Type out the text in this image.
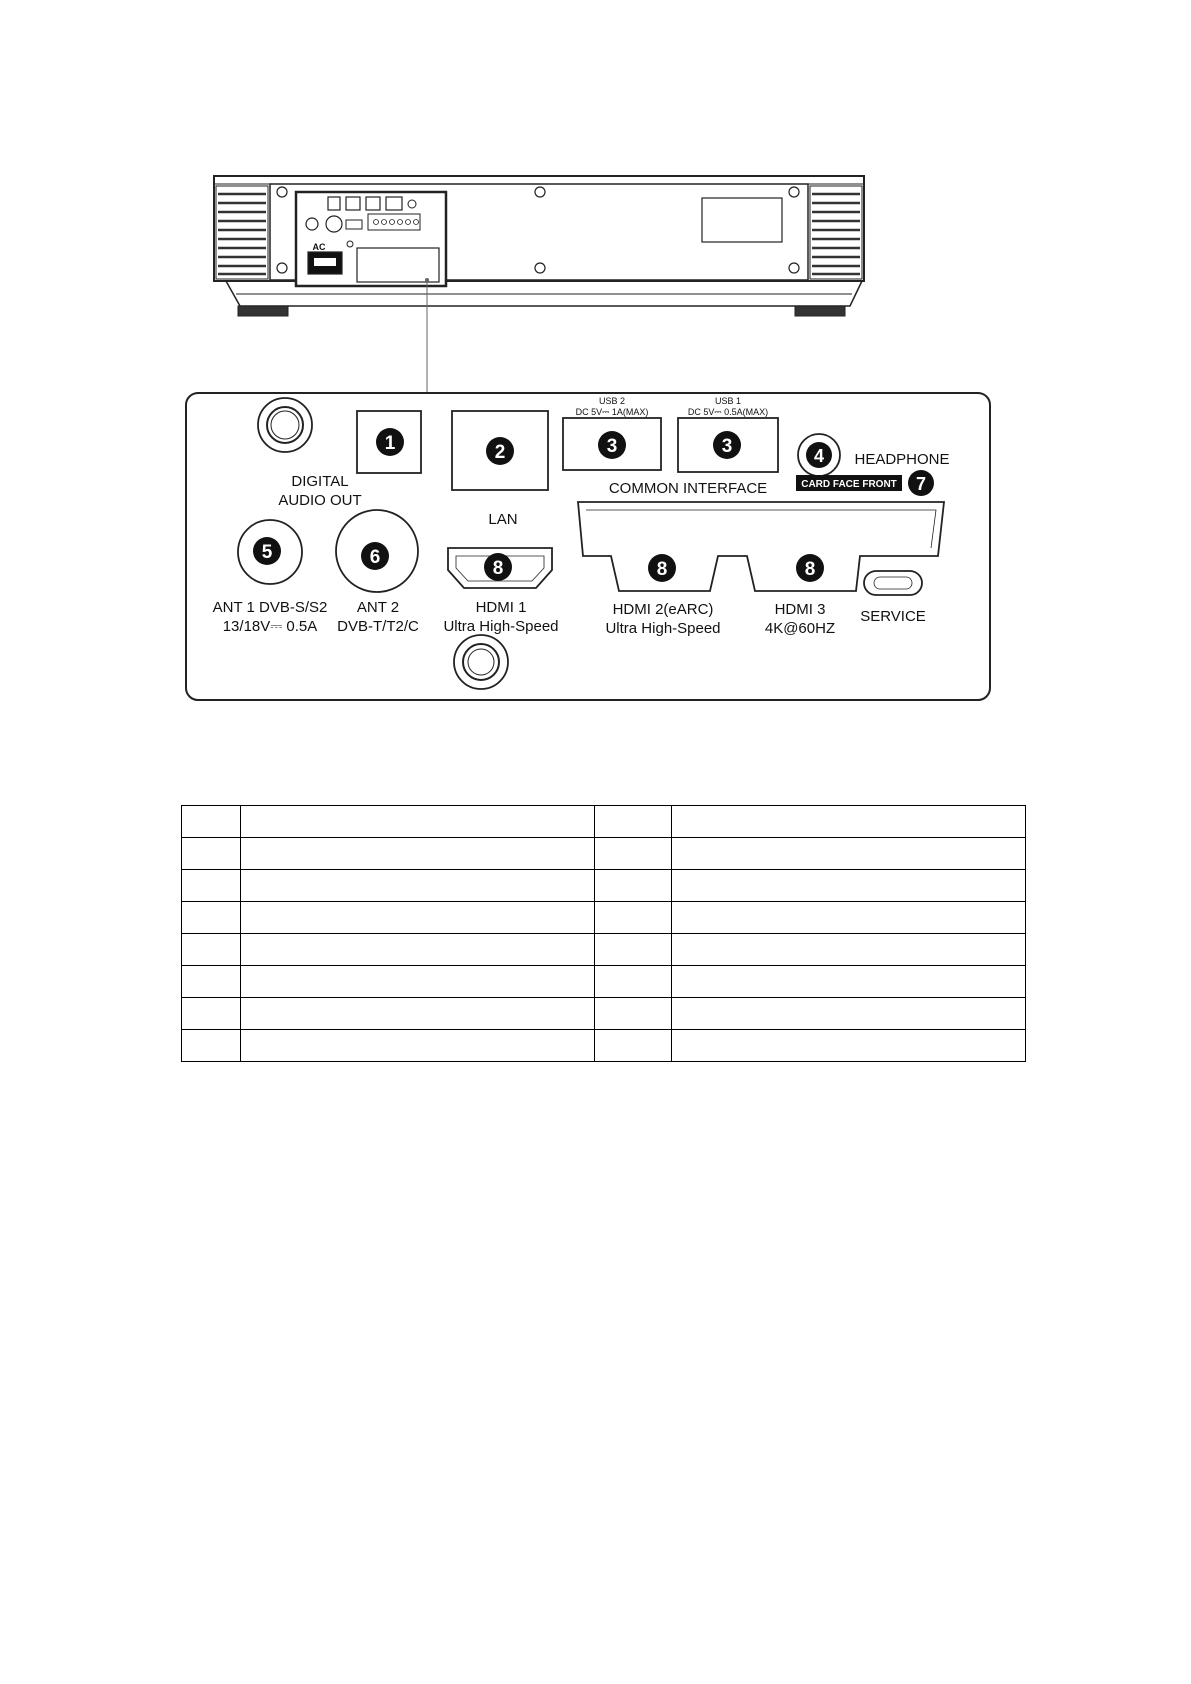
AC
1	2	3	3	4
5	6
7
8	8	8
USB 2
DC 5V⎓ 1A(MAX)
USB 1
DC 5V⎓ 0.5A(MAX)
COMMON INTERFACE
HEADPHONE
CARD FACE FRONT
DIGITAL
AUDIO OUT
LAN
ANT 1 DVB-S/S2
13/18V⎓ 0.5A
ANT 2
DVB-T/T2/C
HDMI 1
Ultra High-Speed
HDMI 2(eARC)
Ultra High-Speed
HDMI 3
4K@60HZ
SERVICE
